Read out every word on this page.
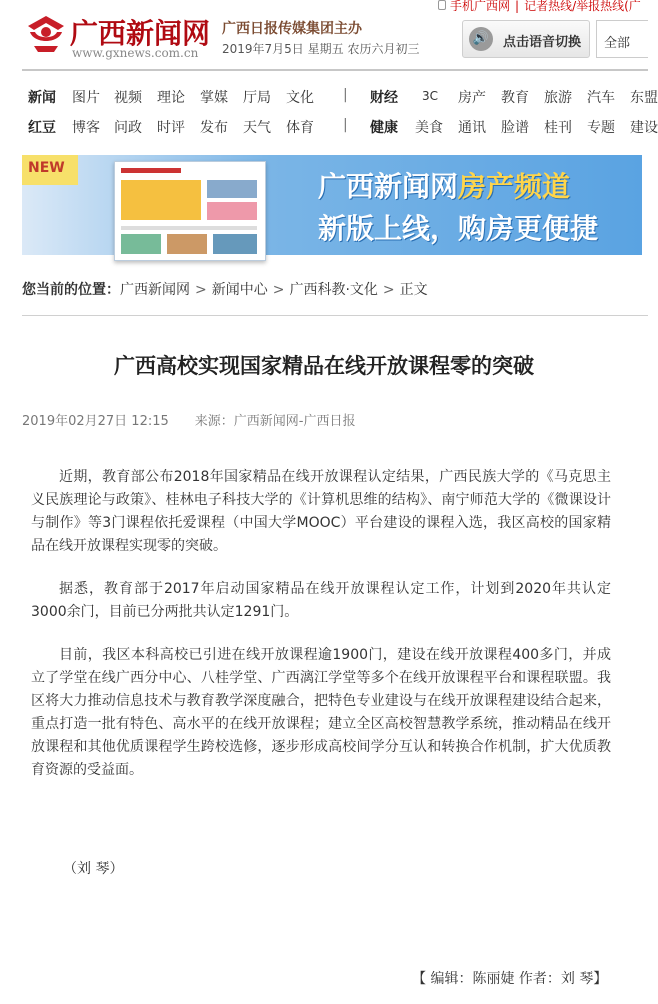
手机广西网 | 记者热线/举报热线(广
广西新闻网
www.gxnews.com.cn
广西日报传媒集团主办
2019年7月5日 星期五 农历六月初三
🔊	点击语音切换 全部
新闻 图片 视频 理论 掌媒 厅局 文化 | 财经 3C 房产 教育 旅游 汽车 东盟
红豆 博客 问政 时评 发布 天气 体育 | 健康 美食 通讯 脸谱 桂刊 专题 建设
NEW
广西新闻网房产频道
新版上线，购房更便捷
您当前的位置：广西新闻网 > 新闻中心 > 广西科教·文化 > 正文
广西高校实现国家精品在线开放课程零的突破
2019年02月27日 12:15 来源：广西新闻网-广西日报

近期，教育部公布2018年国家精品在线开放课程认定结果，广西民族大学的《马克思主义民族理论与政策》、桂林电子科技大学的《计算机思维的结构》、南宁师范大学的《微课设计与制作》等3门课程依托爱课程（中国大学MOOC）平台建设的课程入选，我区高校的国家精品在线开放课程实现零的突破。

据悉，教育部于2017年启动国家精品在线开放课程认定工作，计划到2020年共认定3000余门，目前已分两批共认定1291门。

目前，我区本科高校已引进在线开放课程逾1900门，建设在线开放课程400多门，并成立了学堂在线广西分中心、八桂学堂、广西漓江学堂等多个在线开放课程平台和课程联盟。我区将大力推动信息技术与教育教学深度融合，把特色专业建设与在线开放课程建设结合起来，重点打造一批有特色、高水平的在线开放课程；建立全区高校智慧教学系统，推动精品在线开放课程和其他优质课程学生跨校选修，逐步形成高校间学分互认和转换合作机制，扩大优质教育资源的受益面。

（刘 琴）
【 编辑：陈丽婕 作者：刘 琴】
